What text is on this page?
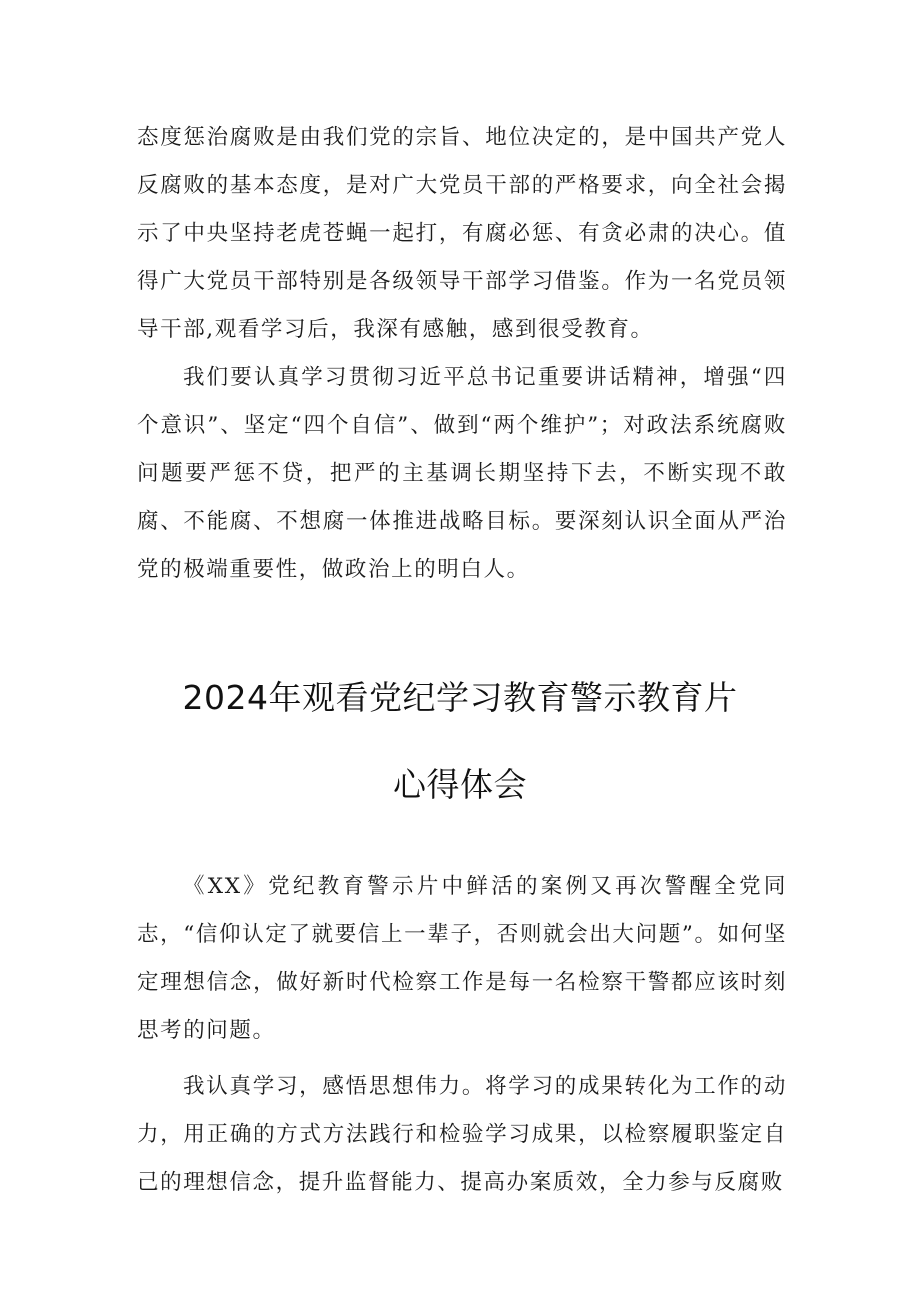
态度惩治腐败是由我们党的宗旨、地位决定的，是中国共产党人反腐败的基本态度，是对广大党员干部的严格要求，向全社会揭示了中央坚持老虎苍蝇一起打，有腐必惩、有贪必肃的决心。值得广大党员干部特别是各级领导干部学习借鉴。作为一名党员领导干部,观看学习后，我深有感触，感到很受教育。

我们要认真学习贯彻习近平总书记重要讲话精神，增强“四个意识”、坚定“四个自信”、做到“两个维护”；对政法系统腐败问题要严惩不贷，把严的主基调长期坚持下去，不断实现不敢腐、不能腐、不想腐一体推进战略目标。要深刻认识全面从严治党的极端重要性，做政治上的明白人。

2024年观看党纪学习教育警示教育片
心得体会

《XX》党纪教育警示片中鲜活的案例又再次警醒全党同志，“信仰认定了就要信上一辈子，否则就会出大问题”。如何坚定理想信念，做好新时代检察工作是每一名检察干警都应该时刻思考的问题。

我认真学习，感悟思想伟力。将学习的成果转化为工作的动力，用正确的方式方法践行和检验学习成果，以检察履职鉴定自己的理想信念，提升监督能力、提高办案质效，全力参与反腐败
